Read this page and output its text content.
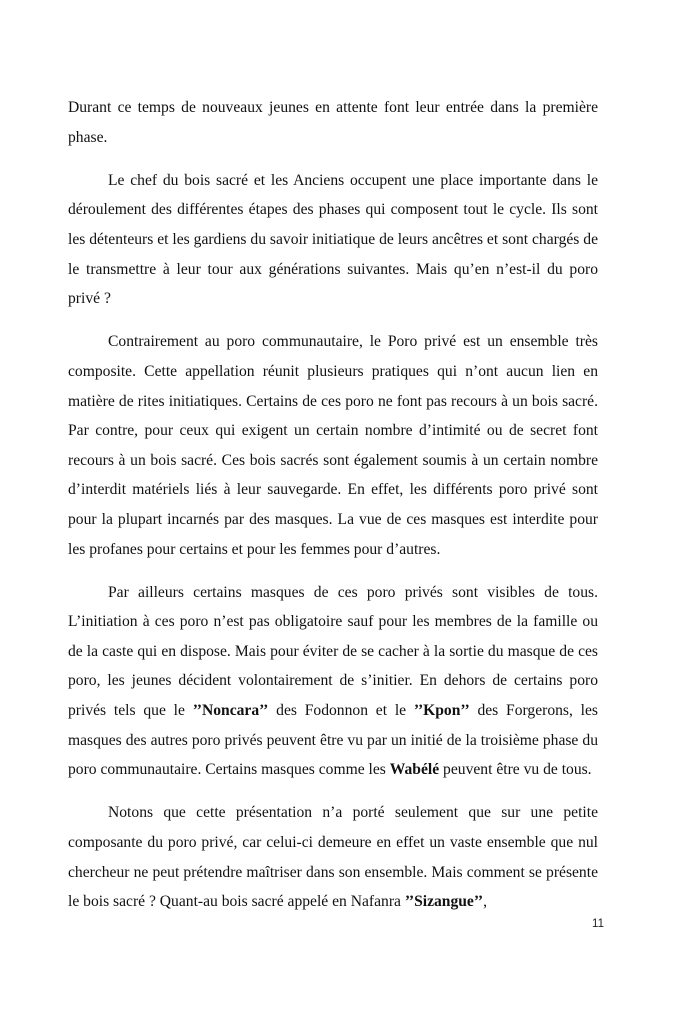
Durant ce temps de nouveaux jeunes en attente font leur entrée dans la première phase.

Le chef du bois sacré et les Anciens occupent une place importante dans le déroulement des différentes étapes des phases qui composent tout le cycle. Ils sont les détenteurs et les gardiens du savoir initiatique de leurs ancêtres et sont chargés de le transmettre à leur tour aux générations suivantes. Mais qu’en n’est-il du poro privé ?

Contrairement au poro communautaire, le Poro privé est un ensemble très composite. Cette appellation réunit plusieurs pratiques qui n’ont aucun lien en matière de rites initiatiques. Certains de ces poro ne font pas recours à un bois sacré. Par contre, pour ceux qui exigent un certain nombre d’intimité ou de secret font recours à un bois sacré. Ces bois sacrés sont également soumis à un certain nombre d’interdit matériels liés à leur sauvegarde. En effet, les différents poro privé sont pour la plupart incarnés par des masques. La vue de ces masques est interdite pour les profanes pour certains et pour les femmes pour d’autres.

Par ailleurs certains masques de ces poro privés sont visibles de tous. L’initiation à ces poro n’est pas obligatoire sauf pour les membres de la famille ou de la caste qui en dispose. Mais pour éviter de se cacher à la sortie du masque de ces poro, les jeunes décident volontairement de s’initier. En dehors de certains poro privés tels que le ’’Noncara’’ des Fodonnon et le ’’Kpon’’ des Forgerons, les masques des autres poro privés peuvent être vu par un initié de la troisième phase du poro communautaire. Certains masques comme les Wabélé peuvent être vu de tous.

Notons que cette présentation n’a porté seulement que sur une petite composante du poro privé, car celui-ci demeure en effet un vaste ensemble que nul chercheur ne peut prétendre maîtriser dans son ensemble. Mais comment se présente le bois sacré ? Quant-au bois sacré appelé en Nafanra ’’Sizangue’’,

11
